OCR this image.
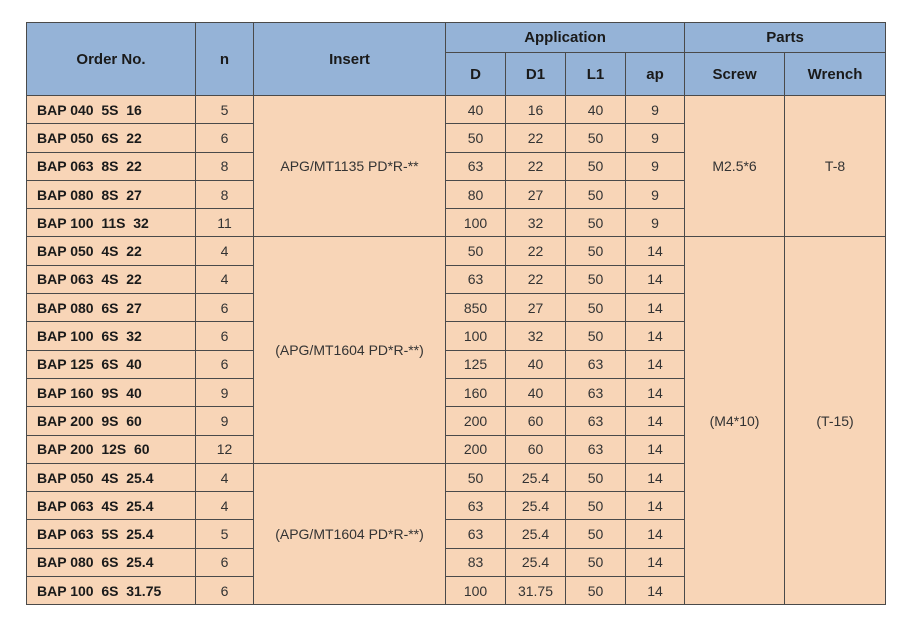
Order No.	n	Insert	Application				Parts	
			D	D1	L1	ap	Screw	Wrench
BAP 040  5S  16	5	APG/MT1135 PD*R-**	40	16	40	9	M2.5*6	T-8
BAP 050  6S  22	6		50	22	50	9		
BAP 063  8S  22	8		63	22	50	9		
BAP 080  8S  27	8		80	27	50	9		
BAP 100  11S  32	11		100	32	50	9		
BAP 050  4S  22	4	(APG/MT1604 PD*R-**)	50	22	50	14	(M4*10)	(T-15)
BAP 063  4S  22	4		63	22	50	14		
BAP 080  6S  27	6		850	27	50	14		
BAP 100  6S  32	6		100	32	50	14		
BAP 125  6S  40	6		125	40	63	14		
BAP 160  9S  40	9		160	40	63	14		
BAP 200  9S  60	9		200	60	63	14		
BAP 200  12S  60	12		200	60	63	14		
BAP 050  4S  25.4	4	(APG/MT1604 PD*R-**)	50	25.4	50	14		
BAP 063  4S  25.4	4		63	25.4	50	14		
BAP 063  5S  25.4	5		63	25.4	50	14		
BAP 080  6S  25.4	6		83	25.4	50	14		
BAP 100  6S  31.75	6		100	31.75	50	14		
